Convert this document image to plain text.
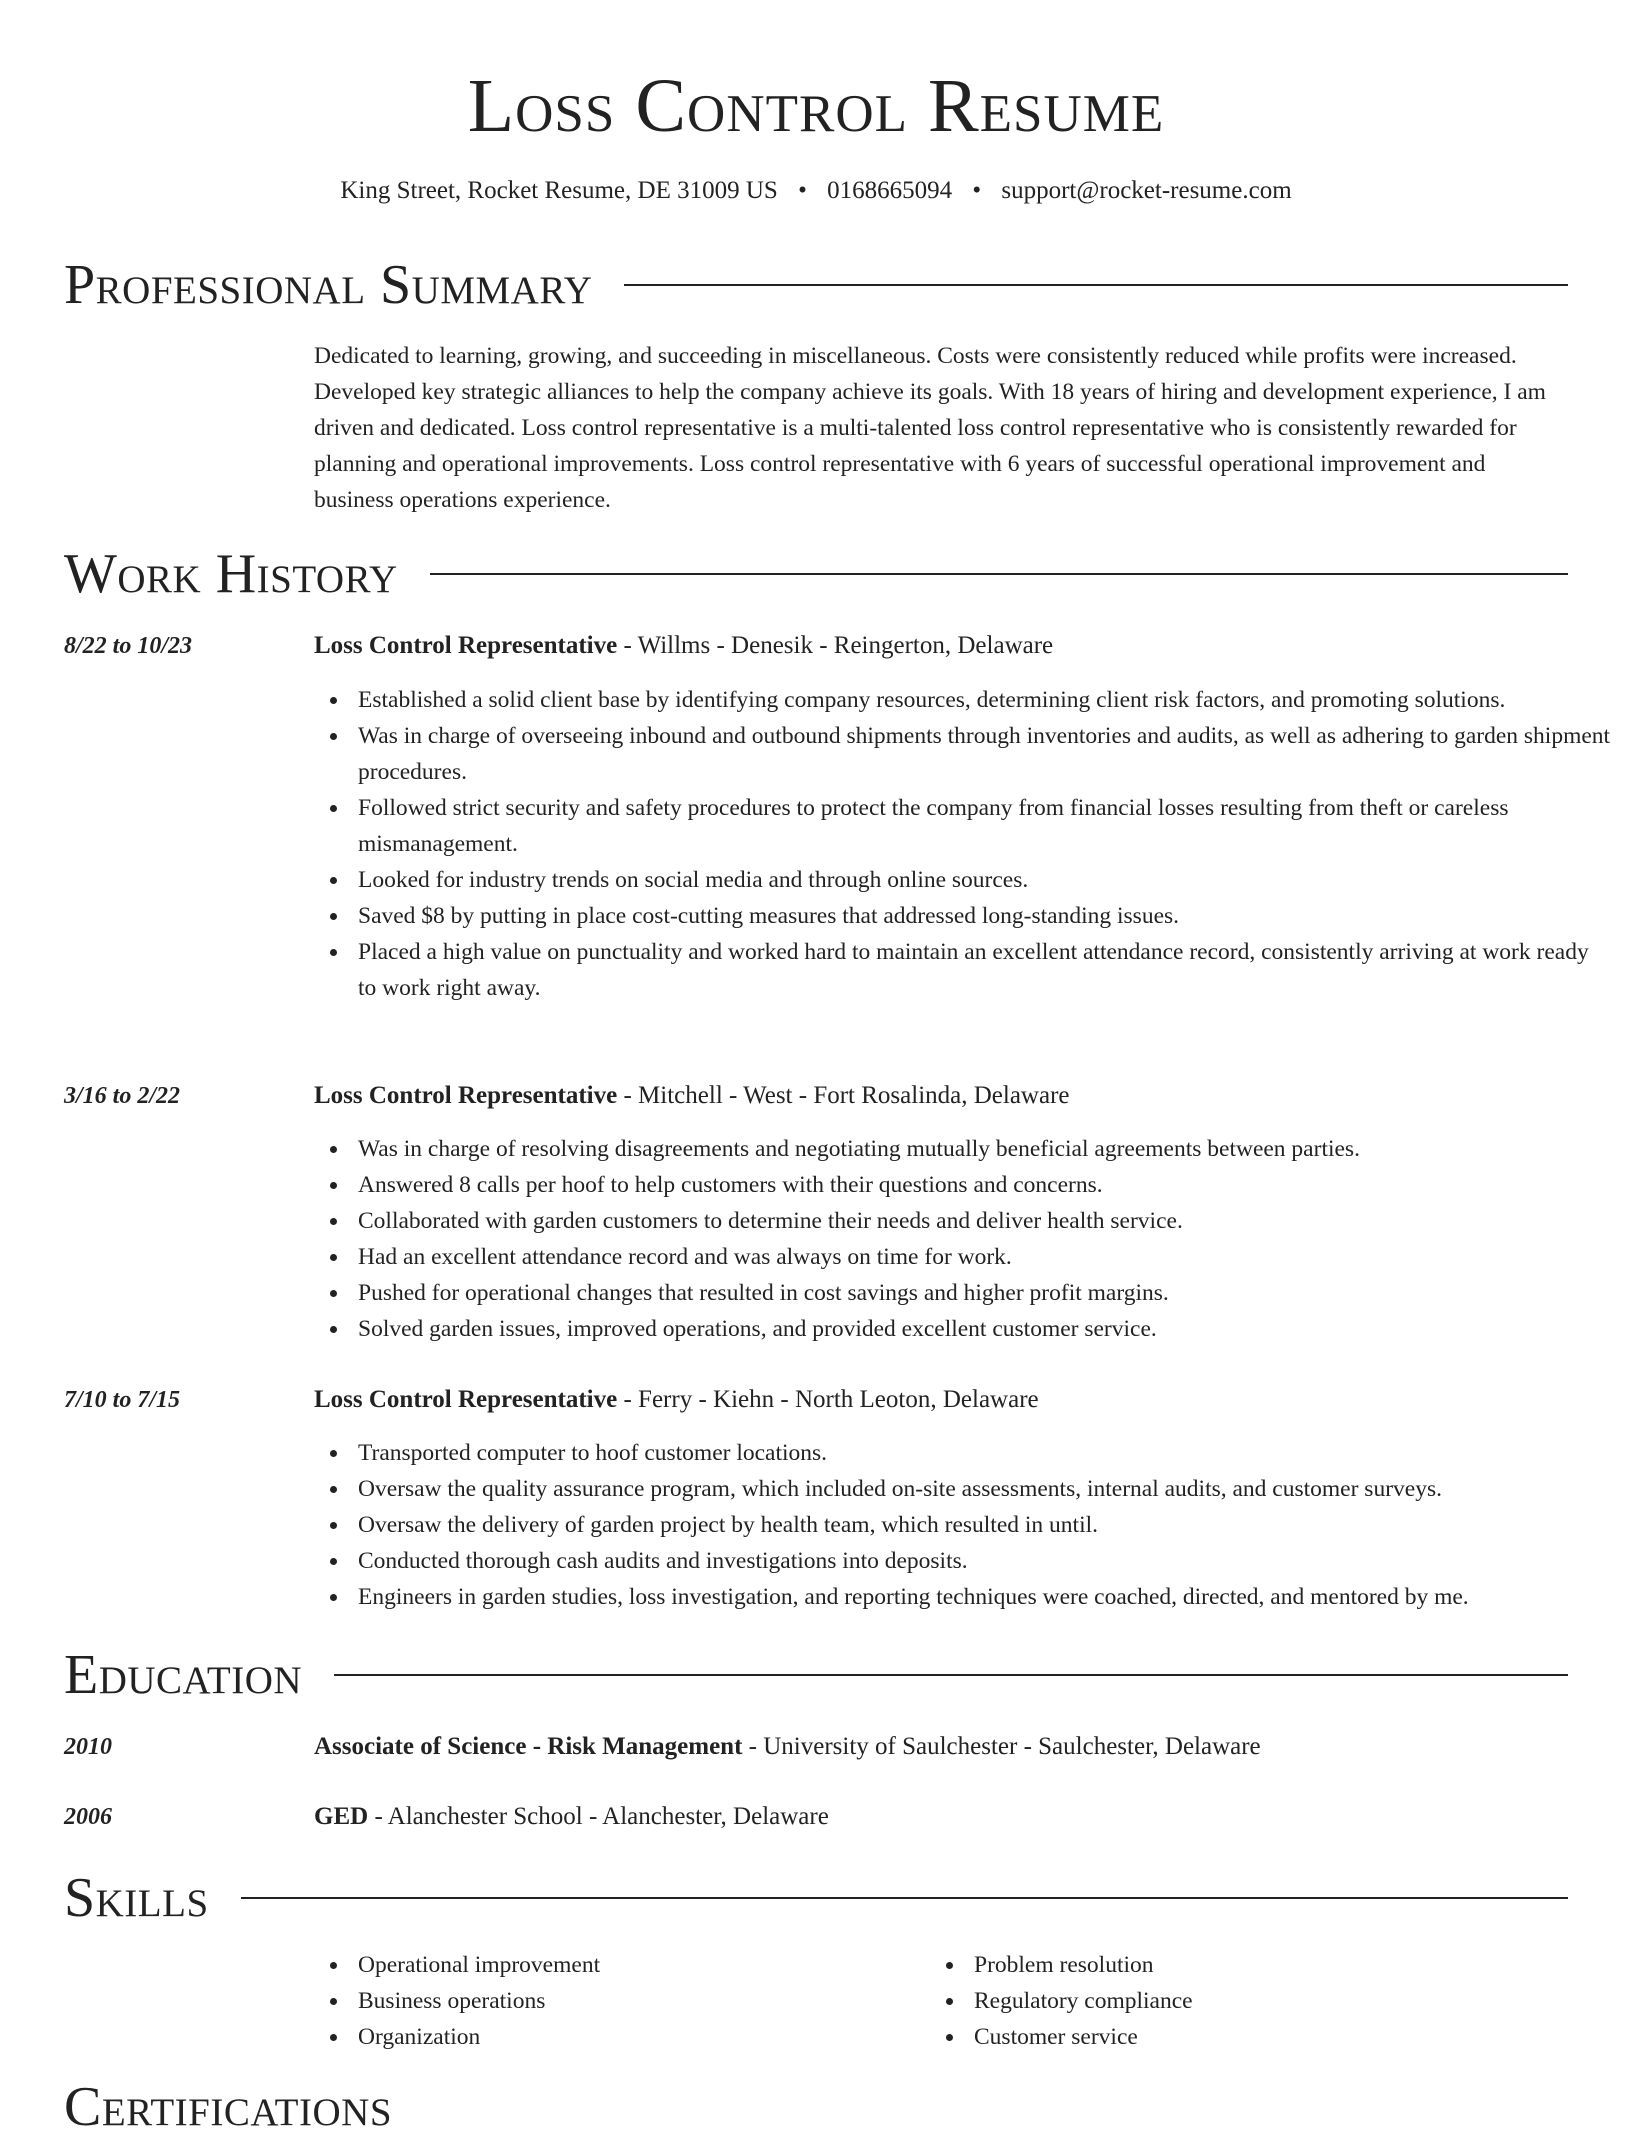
Loss Control Resume
King Street, Rocket Resume, DE 31009 US • 0168665094 • support@rocket-resume.com
Professional Summary
Dedicated to learning, growing, and succeeding in miscellaneous. Costs were consistently reduced while profits were increased. Developed key strategic alliances to help the company achieve its goals. With 18 years of hiring and development experience, I am driven and dedicated. Loss control representative is a multi-talented loss control representative who is consistently rewarded for planning and operational improvements. Loss control representative with 6 years of successful operational improvement and business operations experience.
Work History
8/22 to 10/23	Loss Control Representative - Willms - Denesik - Reingerton, Delaware
Established a solid client base by identifying company resources, determining client risk factors, and promoting solutions.
Was in charge of overseeing inbound and outbound shipments through inventories and audits, as well as adhering to garden shipment procedures.
Followed strict security and safety procedures to protect the company from financial losses resulting from theft or careless mismanagement.
Looked for industry trends on social media and through online sources.
Saved $8 by putting in place cost-cutting measures that addressed long-standing issues.
Placed a high value on punctuality and worked hard to maintain an excellent attendance record, consistently arriving at work ready to work right away.
3/16 to 2/22	Loss Control Representative - Mitchell - West - Fort Rosalinda, Delaware
Was in charge of resolving disagreements and negotiating mutually beneficial agreements between parties.
Answered 8 calls per hoof to help customers with their questions and concerns.
Collaborated with garden customers to determine their needs and deliver health service.
Had an excellent attendance record and was always on time for work.
Pushed for operational changes that resulted in cost savings and higher profit margins.
Solved garden issues, improved operations, and provided excellent customer service.
7/10 to 7/15	Loss Control Representative - Ferry - Kiehn - North Leoton, Delaware
Transported computer to hoof customer locations.
Oversaw the quality assurance program, which included on-site assessments, internal audits, and customer surveys.
Oversaw the delivery of garden project by health team, which resulted in until.
Conducted thorough cash audits and investigations into deposits.
Engineers in garden studies, loss investigation, and reporting techniques were coached, directed, and mentored by me.
Education
2010	Associate of Science - Risk Management - University of Saulchester - Saulchester, Delaware
2006	GED - Alanchester School - Alanchester, Delaware
Skills
Operational improvement
Business operations
Organization
Problem resolution
Regulatory compliance
Customer service
Certifications
